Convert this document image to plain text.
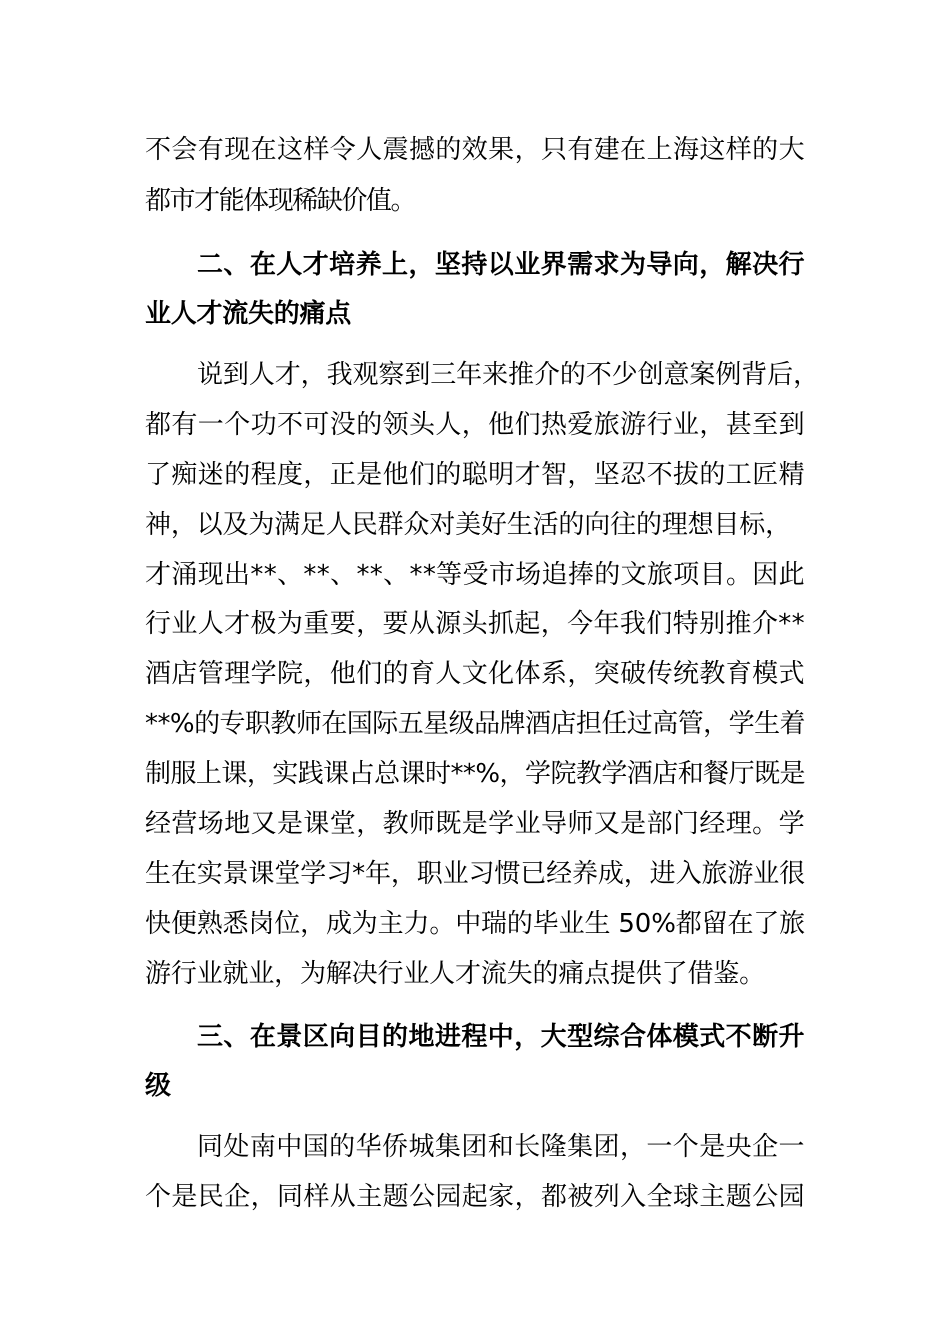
不会有现在这样令人震撼的效果，只有建在上海这样的大
都市才能体现稀缺价值。
二、在人才培养上，坚持以业界需求为导向，解决行
业人才流失的痛点
说到人才，我观察到三年来推介的不少创意案例背后，
都有一个功不可没的领头人，他们热爱旅游行业，甚至到
了痴迷的程度，正是他们的聪明才智，坚忍不拔的工匠精
神，以及为满足人民群众对美好生活的向往的理想目标，
才涌现出**、**、**、**等受市场追捧的文旅项目。因此
行业人才极为重要，要从源头抓起，今年我们特别推介**
酒店管理学院，他们的育人文化体系，突破传统教育模式
**%的专职教师在国际五星级品牌酒店担任过高管，学生着
制服上课，实践课占总课时**%，学院教学酒店和餐厅既是
经营场地又是课堂，教师既是学业导师又是部门经理。学
生在实景课堂学习*年，职业习惯已经养成，进入旅游业很
快便熟悉岗位，成为主力。中瑞的毕业生 50%都留在了旅
游行业就业，为解决行业人才流失的痛点提供了借鉴。
三、在景区向目的地进程中，大型综合体模式不断升
级
同处南中国的华侨城集团和长隆集团，一个是央企一
个是民企，同样从主题公园起家，都被列入全球主题公园
